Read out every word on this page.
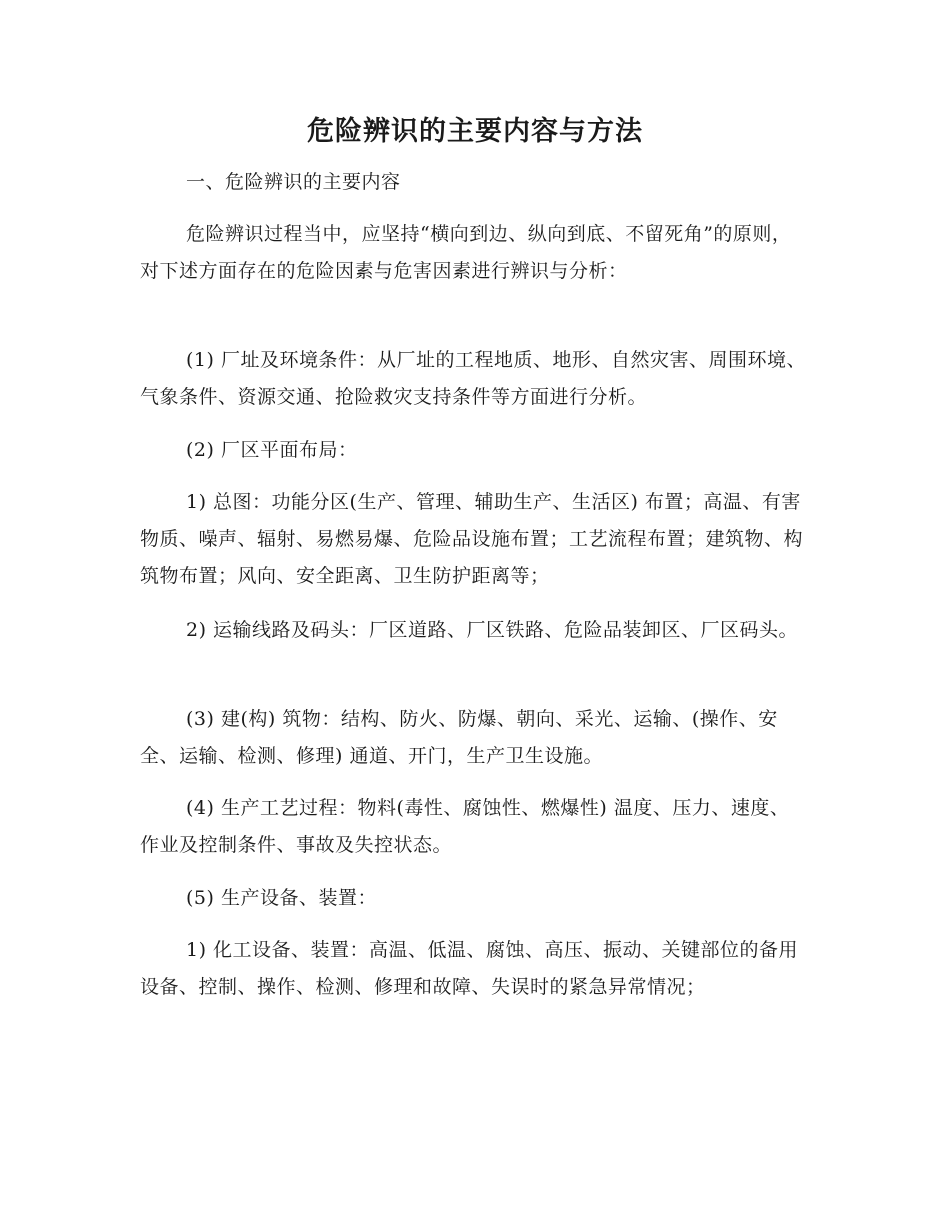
危险辨识的主要内容与方法

一、危险辨识的主要内容

危险辨识过程当中，应坚持“横向到边、纵向到底、不留死角”的原则，对下述方面存在的危险因素与危害因素进行辨识与分析：

(1) 厂址及环境条件：从厂址的工程地质、地形、自然灾害、周围环境、气象条件、资源交通、抢险救灾支持条件等方面进行分析。

(2) 厂区平面布局：

1) 总图：功能分区(生产、管理、辅助生产、生活区) 布置；高温、有害物质、噪声、辐射、易燃易爆、危险品设施布置；工艺流程布置；建筑物、构筑物布置；风向、安全距离、卫生防护距离等；

2) 运输线路及码头：厂区道路、厂区铁路、危险品装卸区、厂区码头。

(3) 建(构) 筑物：结构、防火、防爆、朝向、采光、运输、(操作、安全、运输、检测、修理) 通道、开门，生产卫生设施。

(4) 生产工艺过程：物料(毒性、腐蚀性、燃爆性) 温度、压力、速度、作业及控制条件、事故及失控状态。

(5) 生产设备、装置：

1) 化工设备、装置：高温、低温、腐蚀、高压、振动、关键部位的备用设备、控制、操作、检测、修理和故障、失误时的紧急异常情况；
